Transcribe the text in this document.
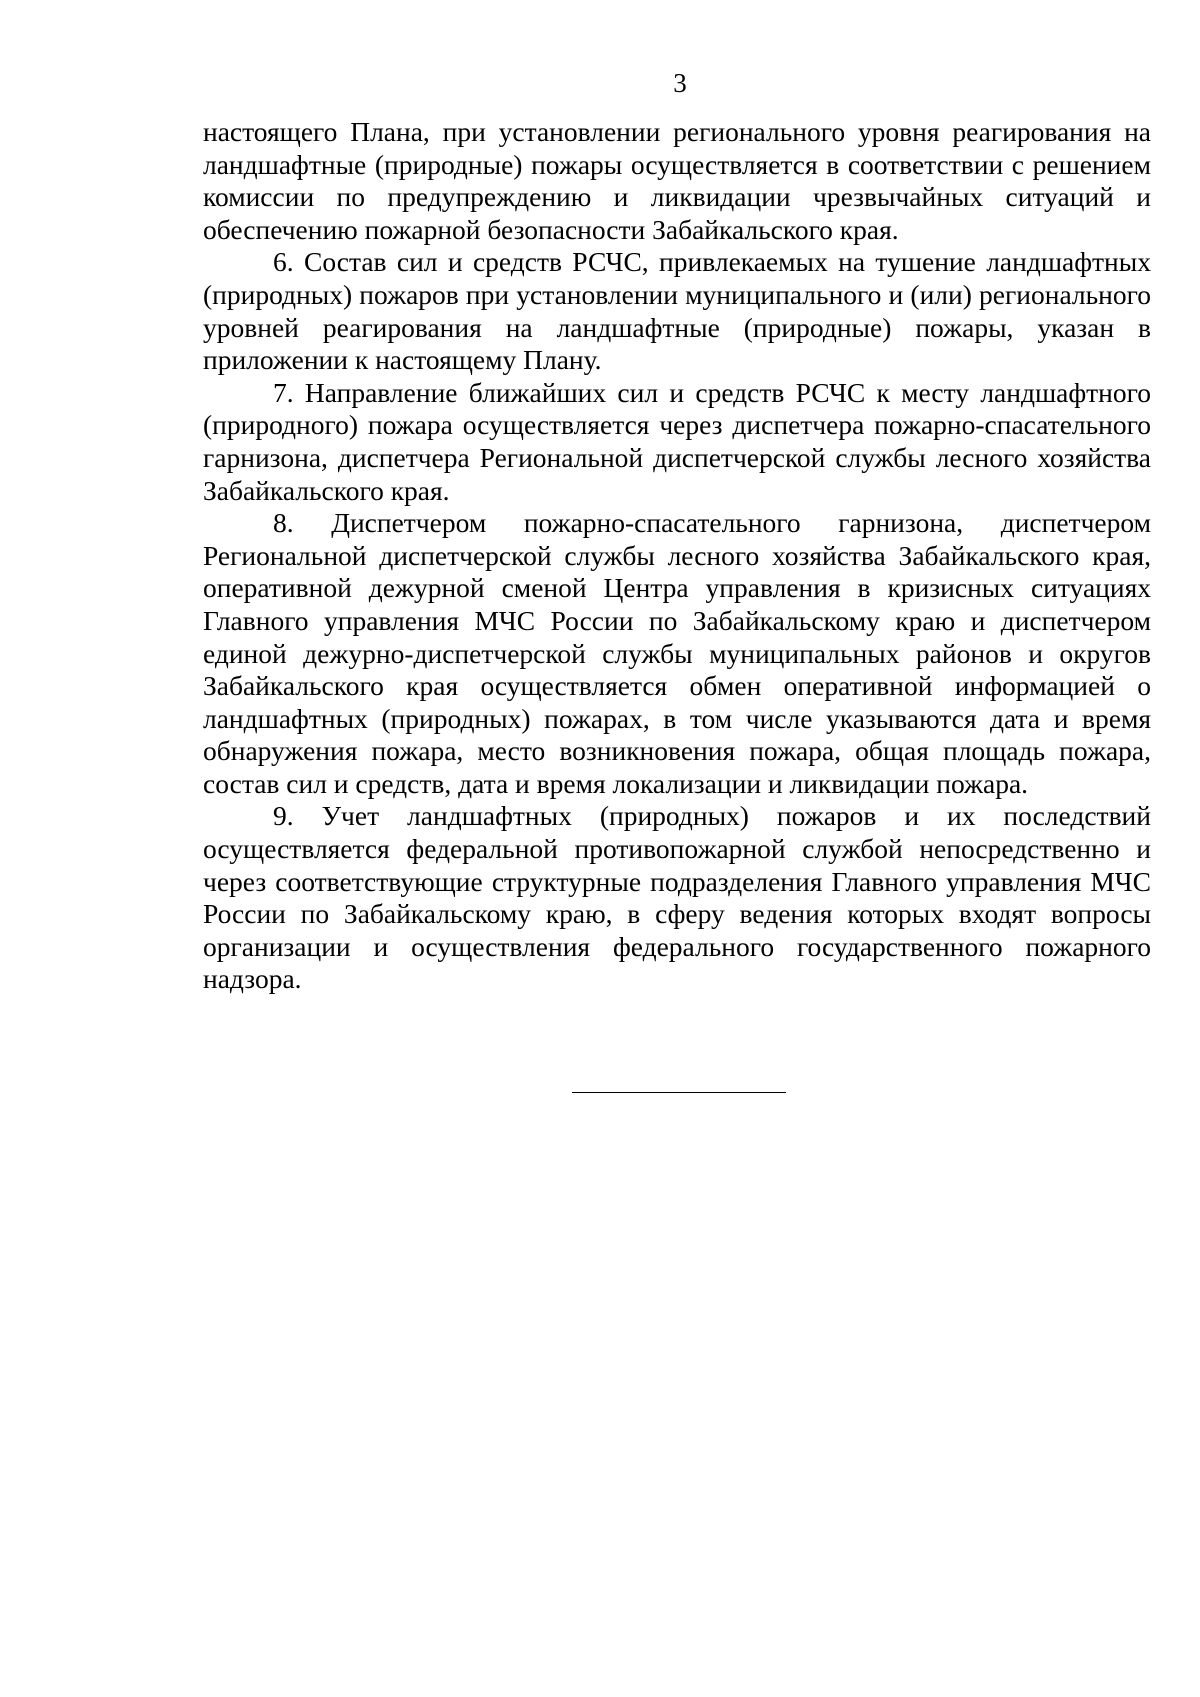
3

настоящего Плана, при установлении регионального уровня реагирования на ландшафтные (природные) пожары осуществляется в соответствии с решением комиссии по предупреждению и ликвидации чрезвычайных ситуаций и обеспечению пожарной безопасности Забайкальского края.

6. Состав сил и средств РСЧС, привлекаемых на тушение ландшафтных (природных) пожаров при установлении муниципального и (или) регионального уровней реагирования на ландшафтные (природные) пожары, указан в приложении к настоящему Плану.

7. Направление ближайших сил и средств РСЧС к месту ландшафтного (природного) пожара осуществляется через диспетчера пожарно-спасательного гарнизона, диспетчера Региональной диспетчерской службы лесного хозяйства Забайкальского края.

8. Диспетчером пожарно-спасательного гарнизона, диспетчером Региональной диспетчерской службы лесного хозяйства Забайкальского края, оперативной дежурной сменой Центра управления в кризисных ситуациях Главного управления МЧС России по Забайкальскому краю и диспетчером единой дежурно-диспетчерской службы муниципальных районов и округов Забайкальского края осуществляется обмен оперативной информацией о ландшафтных (природных) пожарах, в том числе указываются дата и время обнаружения пожара, место возникновения пожара, общая площадь пожара, состав сил и средств, дата и время локализации и ликвидации пожара.

9. Учет ландшафтных (природных) пожаров и их последствий осуществляется федеральной противопожарной службой непосредственно и через соответствующие структурные подразделения Главного управления МЧС России по Забайкальскому краю, в сферу ведения которых входят вопросы организации и осуществления федерального государственного пожарного надзора.
